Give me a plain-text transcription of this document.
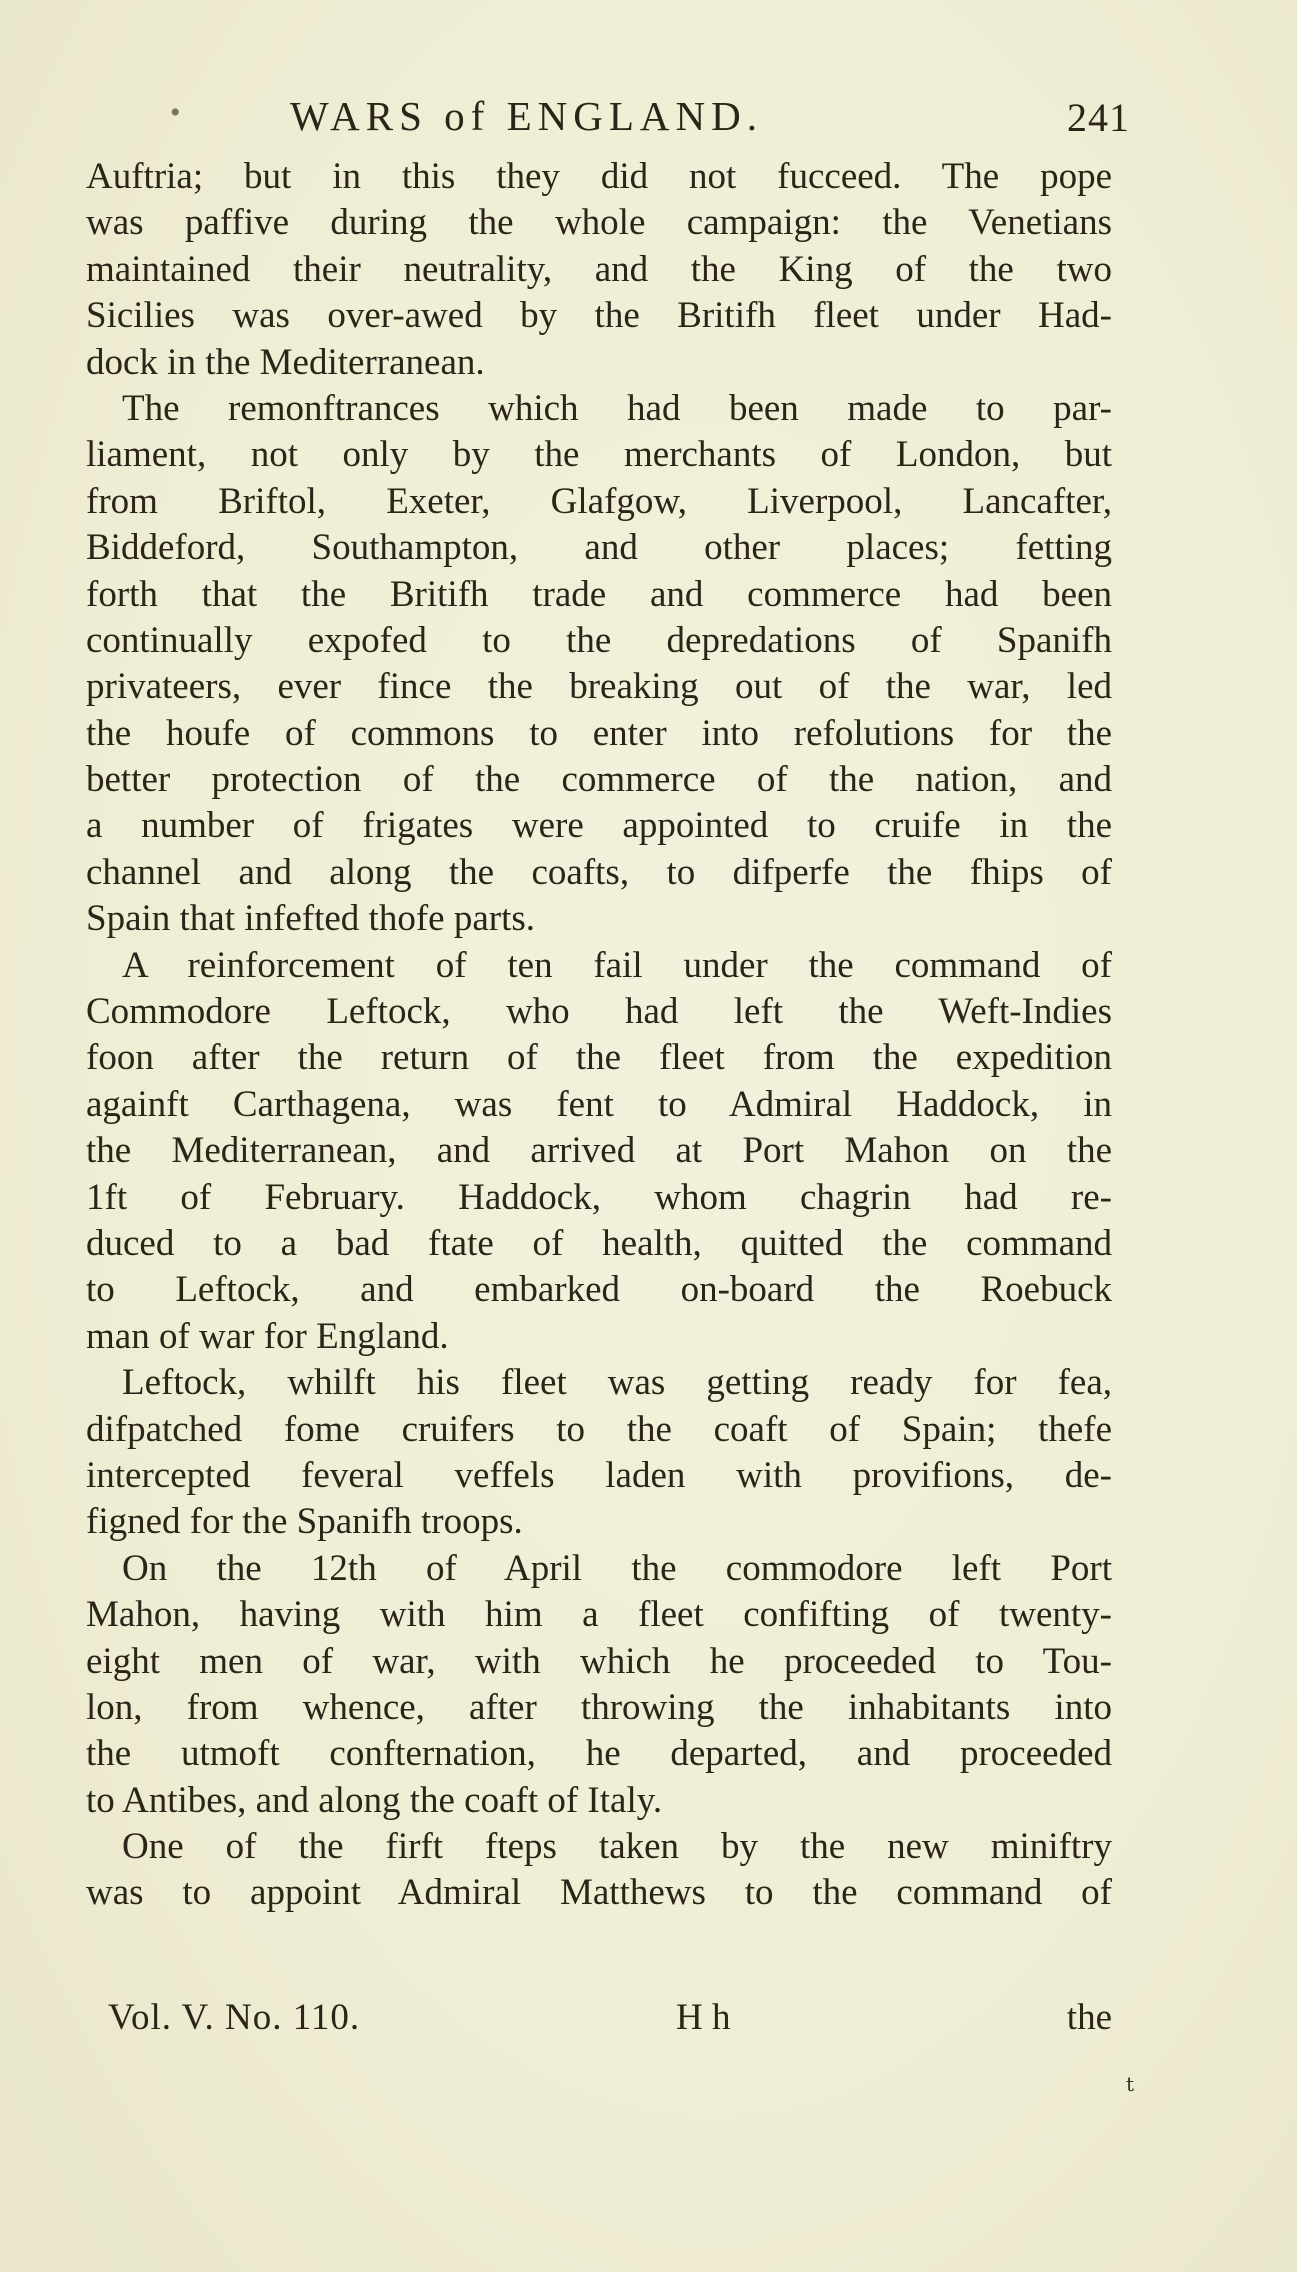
•	WARS of ENGLAND.	241
Auftria; but in this they did not fucceed. The pope
was paffive during the whole campaign: the Venetians
maintained their neutrality, and the King of the two
Sicilies was over-awed by the Britifh fleet under Had-
dock in the Mediterranean.
The remonftrances which had been made to par-
liament, not only by the merchants of London, but
from Briftol, Exeter, Glafgow, Liverpool, Lancafter,
Biddeford, Southampton, and other places; fetting
forth that the Britifh trade and commerce had been
continually expofed to the depredations of Spanifh
privateers, ever fince the breaking out of the war, led
the houfe of commons to enter into refolutions for the
better protection of the commerce of the nation, and
a number of frigates were appointed to cruife in the
channel and along the coafts, to difperfe the fhips of
Spain that infefted thofe parts.
A reinforcement of ten fail under the command of
Commodore Leftock, who had left the Weft-Indies
foon after the return of the fleet from the expedition
againft Carthagena, was fent to Admiral Haddock, in
the Mediterranean, and arrived at Port Mahon on the
1ft of February. Haddock, whom chagrin had re-
duced to a bad ftate of health, quitted the command
to Leftock, and embarked on-board the Roebuck
man of war for England.
Leftock, whilft his fleet was getting ready for fea,
difpatched fome cruifers to the coaft of Spain; thefe
intercepted feveral veffels laden with provifions, de-
figned for the Spanifh troops.
On the 12th of April the commodore left Port
Mahon, having with him a fleet confifting of twenty-
eight men of war, with which he proceeded to Tou-
lon, from whence, after throwing the inhabitants into
the utmoft confternation, he departed, and proceeded
to Antibes, and along the coaft of Italy.
One of the firft fteps taken by the new miniftry
was to appoint Admiral Matthews to the command of
Vol. V. No. 110.	H h	the
t
